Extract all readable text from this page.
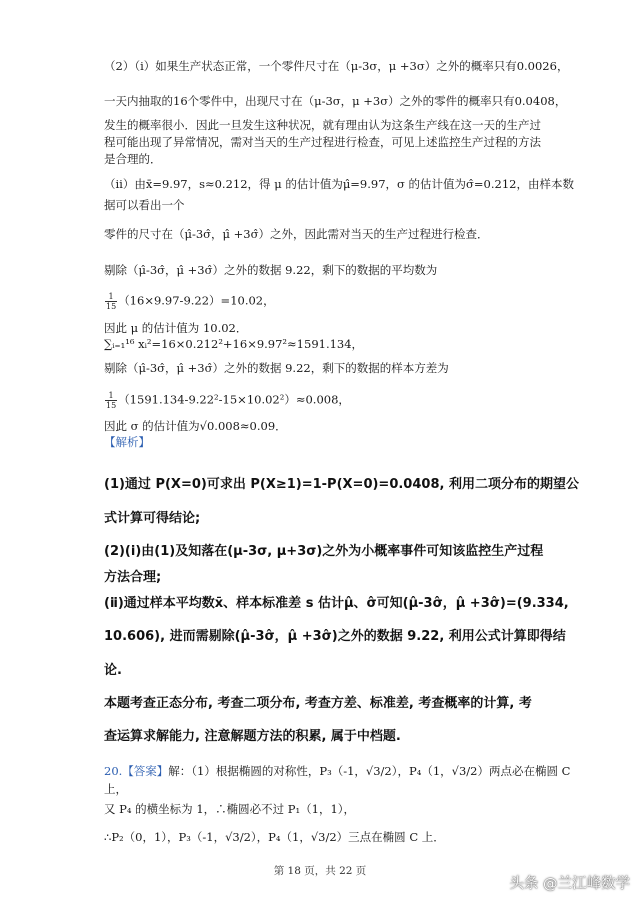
（2）（ⅰ）如果生产状态正常，一个零件尺寸在（μ-3σ，μ +3σ）之外的概率只有0.0026，
一天内抽取的16个零件中，出现尺寸在（μ-3σ，μ +3σ）之外的零件的概率只有0.0408，
发生的概率很小．因此一旦发生这种状况，就有理由认为这条生产线在这一天的生产过
程可能出现了异常情况，需对当天的生产过程进行检查，可见上述监控生产过程的方法
是合理的．
（ⅱ）由x̄=9.97，s≈0.212，得 μ 的估计值为μ̂=9.97，σ 的估计值为σ̂=0.212，由样本数
据可以看出一个
零件的尺寸在（μ̂-3σ̂，μ̂ +3σ̂）之外，因此需对当天的生产过程进行检查．
剔除（μ̂-3σ̂，μ̂ +3σ̂）之外的数据 9.22，剩下的数据的平均数为
$\frac{1}{15} (16\times 9.97-9.22)=10.02$，
因此 μ 的估计值为 10.02．
∑ᵢ₌₁¹⁶ xᵢ²=16×0.212²+16×9.97²≈1591.134，
剔除（μ̂-3σ̂，μ̂ +3σ̂）之外的数据 9.22，剩下的数据的样本方差为
$\frac{1}{15} (1591.134-9.22^2-15\times 10.02^2)\approx 0.008$，
因此 σ 的估计值为√0.008≈0.09．
【解析】
(1)通过 P(X=0)可求出 P(X≥1)=1-P(X=0)=0.0408, 利用二项分布的期望公
式计算可得结论;
(2)(ⅰ)由(1)及知落在(μ-3σ, μ+3σ)之外为小概率事件可知该监控生产过程
方法合理;
(ⅱ)通过样本平均数x̄、样本标准差 s 估计μ̂、σ̂可知(μ̂-3σ̂，μ̂ +3σ̂)=(9.334,
10.606), 进而需剔除(μ̂-3σ̂，μ̂ +3σ̂)之外的数据 9.22, 利用公式计算即得结
论.
本题考查正态分布, 考查二项分布, 考查方差、标准差, 考查概率的计算, 考
查运算求解能力, 注意解题方法的积累, 属于中档题.
20.【答案】解：（1）根据椭圆的对称性，P₃（-1，√3/2），P₄（1，√3/2）两点必在椭圆 C
上，
又 P₄ 的横坐标为 1，∴椭圆必不过 P₁（1，1），
∴P₂（0，1），P₃（-1，√3/2），P₄（1，√3/2）三点在椭圆 C 上．
第 18 页，共 22 页
头条 @兰江峰数学
